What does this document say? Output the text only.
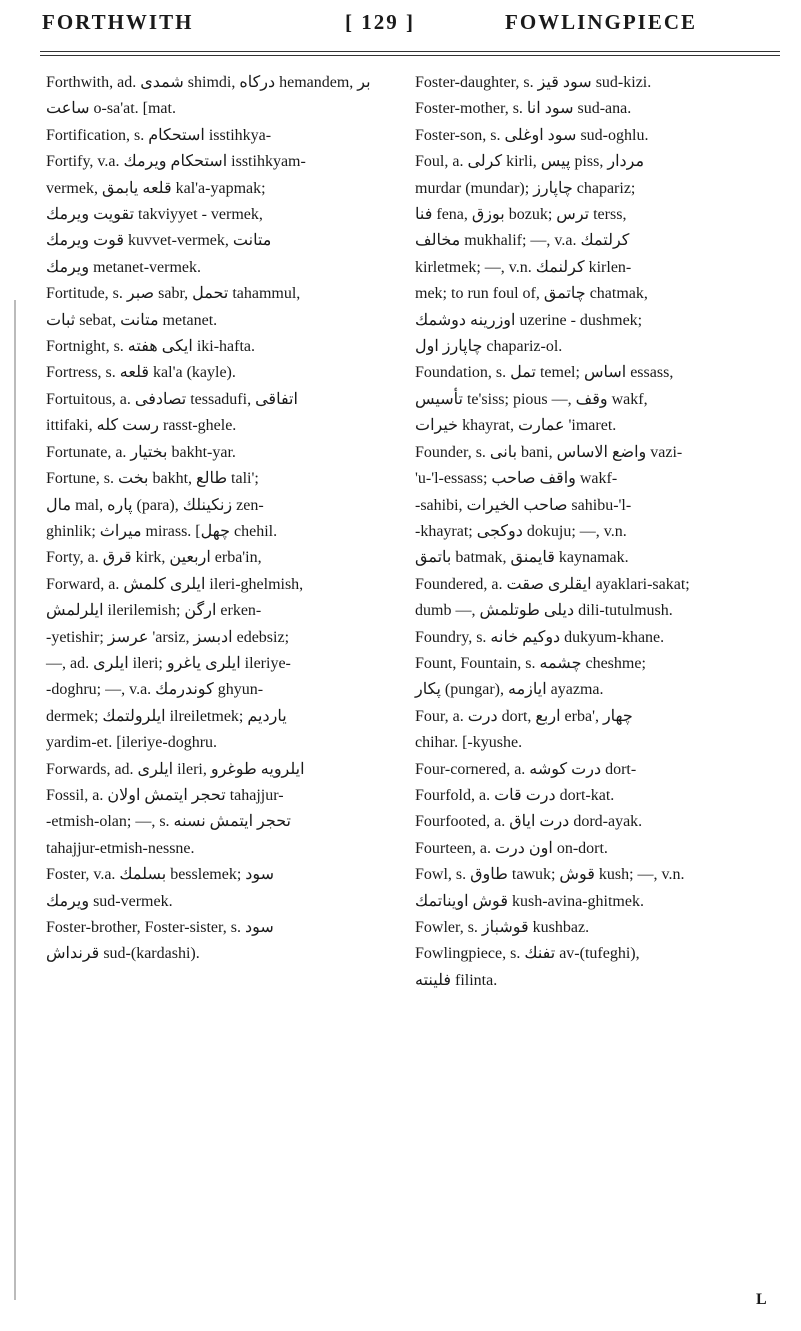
FORTHWITH	[ 129 ]	FOWLINGPIECE

Forthwith, ad. شمدى shimdi, دركاه hemandem, بر ساعت o-sa'at. [mat.

Fortification, s. استحكام isstihkya-

Fortify, v.a. استحكام ويرمك isstihkyam-

vermek, قلعه يابمق kal'a-yapmak;

تقويت ويرمك takviyyet - vermek,

قوت ويرمك kuvvet-vermek, متانت

ويرمك metanet-vermek.

Fortitude, s. صبر sabr, تحمل tahammul,

ثبات sebat, متانت metanet.

Fortnight, s. ايكى هفته iki-hafta.

Fortress, s. قلعه kal'a (kayle).

Fortuitous, a. تصادفى tessadufi, اتفاقى

ittifaki, رست كله rasst-ghele.

Fortunate, a. بختيار bakht-yar.

Fortune, s. بخت bakht, طالع tali';

مال mal, پاره (para), زنكينلك zen-

ghinlik; ميراث mirass. [چهل chehil.

Forty, a. قرق kirk, اربعين erba'in,

Forward, a. ايلرى كلمش ileri-ghelmish,

ايلرلمش ilerilemish; ارگن erken-

-yetishir; عرسز 'arsiz, ادبسز edebsiz;

—, ad. ايلرى ileri; ايلرى ياغرو ileriye-

-doghru; —, v.a. كوندرمك ghyun-

dermek; ايلرولتمك ilreiletmek; يارديم

yardim-et. [ileriye-doghru.

Forwards, ad. ايلرى ileri, ايلرويه طوغرو

Fossil, a. تحجر ايتمش اولان tahajjur-

-etmish-olan; —, s. تحجر ايتمش نسنه

tahajjur-etmish-nessne.

Foster, v.a. بسلمك besslemek; سود

ويرمك sud-vermek.

Foster-brother, Foster-sister, s. سود

قرنداش sud-(kardashi).

Foster-daughter, s. سود قيز sud-kizi.

Foster-mother, s. سود انا sud-ana.

Foster-son, s. سود اوغلى sud-oghlu.

Foul, a. كرلى kirli, پيس piss, مردار

murdar (mundar); چاپارز chapariz;

فنا fena, بوزق bozuk; ترس terss,

مخالف mukhalif; —, v.a. كرلتمك

kirletmek; —, v.n. كرلنمك kirlen-

mek; to run foul of, چاتمق chatmak,

اوزرينه دوشمك uzerine - dushmek;

چاپارز اول chapariz-ol.

Foundation, s. تمل temel; اساس essass,

تأسيس te'siss; pious —, وقف wakf,

خيرات khayrat, عمارت 'imaret.

Founder, s. بانى bani, واضع الاساس vazi-

'u-'l-essass; واقف صاحب wakf-

-sahibi, صاحب الخيرات sahibu-'l-

-khayrat; دوكجى dokuju; —, v.n.

باتمق batmak, قايمنق kaynamak.

Foundered, a. ايقلرى صقت ayaklari-sakat;

dumb —, ديلى طوتلمش dili-tutulmush.

Foundry, s. دوكيم خانه dukyum-khane.

Fount, Fountain, s. چشمه cheshme;

پكار (pungar), ايازمه ayazma.

Four, a. درت dort, اربع erba', چهار

chihar. [-kyushe.

Four-cornered, a. درت كوشه dort-

Fourfold, a. درت قات dort-kat.

Fourfooted, a. درت اياق dord-ayak.

Fourteen, a. اون درت on-dort.

Fowl, s. طاوق tawuk; قوش kush; —, v.n.

قوش اويناتمك kush-avina-ghitmek.

Fowler, s. قوشباز kushbaz.

Fowlingpiece, s. تفنك av-(tufeghi),

فلينته filinta.

L
